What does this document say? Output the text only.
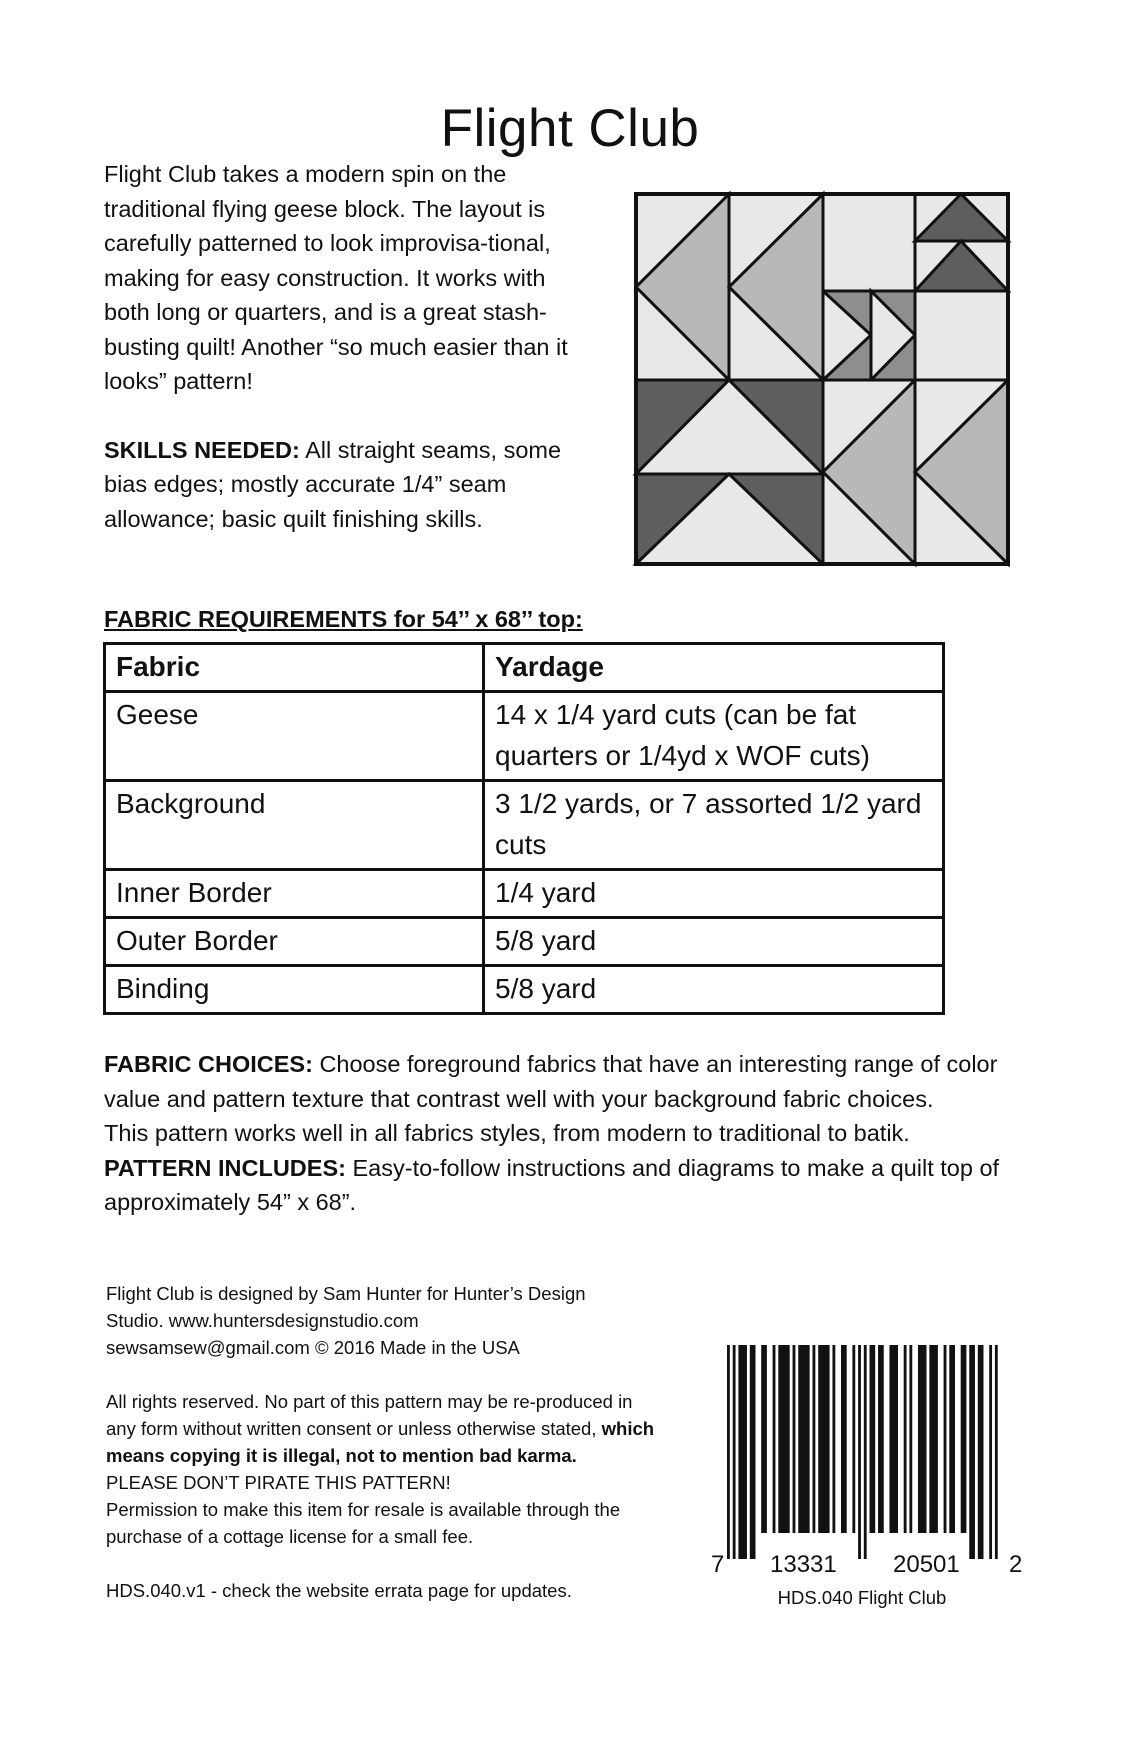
Flight Club

Flight Club takes a modern spin on the traditional flying geese block. The layout is carefully patterned to look improvisa-tional, making for easy construction. It works with both long or quarters, and is a great stash-busting quilt! Another “so much easier than it looks” pattern!

SKILLS NEEDED: All straight seams, some bias edges; mostly accurate 1/4” seam allowance; basic quilt finishing skills.

FABRIC REQUIREMENTS for 54’’ x 68’’ top:
Fabric	Yardage
Geese	14 x 1/4 yard cuts (can be fat quarters or 1/4yd x WOF cuts)
Background	3 1/2 yards, or 7 assorted 1/2 yard cuts
Inner Border	1/4 yard
Outer Border	5/8 yard
Binding	5/8 yard

FABRIC CHOICES: Choose foreground fabrics that have an interesting range of color value and pattern texture that contrast well with your background fabric choices.

This pattern works well in all fabrics styles, from modern to traditional to batik.

PATTERN INCLUDES: Easy-to-follow instructions and diagrams to make a quilt top of approximately 54” x 68”.

Flight Club is designed by Sam Hunter for Hunter’s Design

Studio. www.huntersdesignstudio.com

sewsamsew@gmail.com © 2016 Made in the USA

All rights reserved. No part of this pattern may be re-produced in any form without written consent or unless otherwise stated, which means copying it is illegal, not to mention bad karma.

PLEASE DON’T PIRATE THIS PATTERN!

Permission to make this item for resale is available through the purchase of a cottage license for a small fee.

HDS.040.v1 - check the website errata page for updates.

7 13331 20501 2
HDS.040 Flight Club
